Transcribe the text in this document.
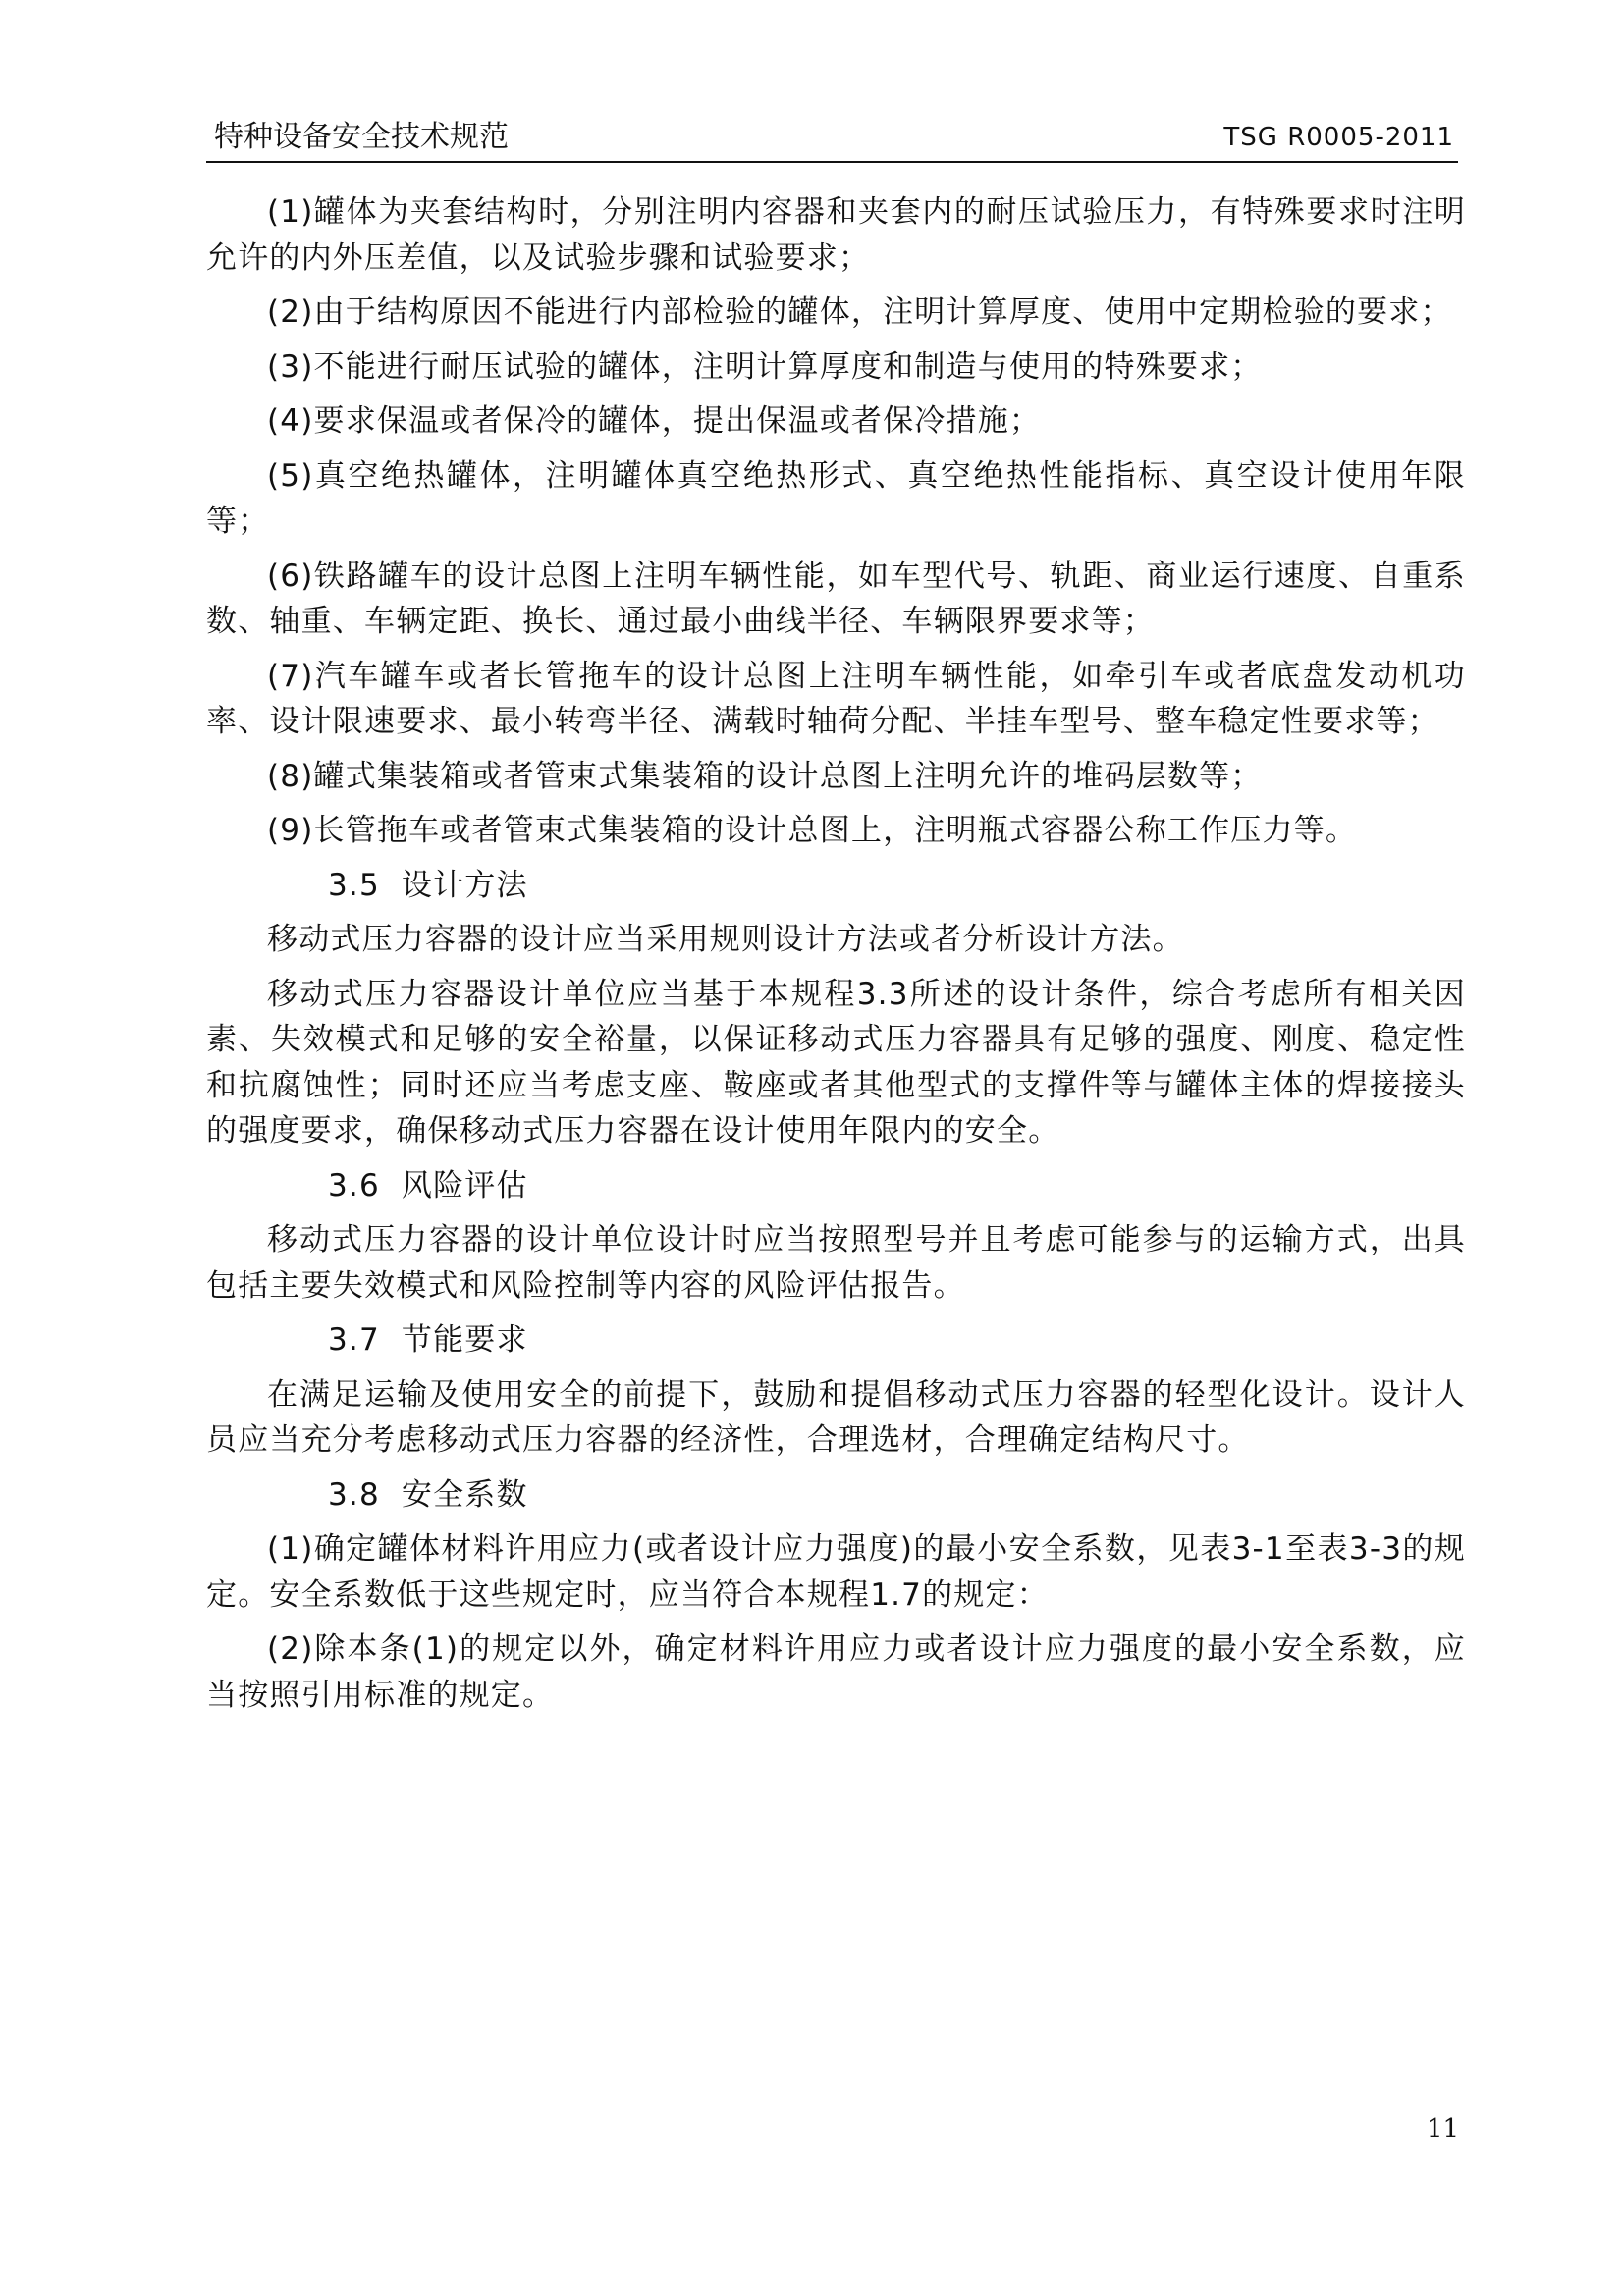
特种设备安全技术规范	TSG R0005-2011

(1)罐体为夹套结构时，分别注明内容器和夹套内的耐压试验压力，有特殊要求时注明允许的内外压差值，以及试验步骤和试验要求；

(2)由于结构原因不能进行内部检验的罐体，注明计算厚度、使用中定期检验的要求；

(3)不能进行耐压试验的罐体，注明计算厚度和制造与使用的特殊要求；

(4)要求保温或者保冷的罐体，提出保温或者保冷措施；

(5)真空绝热罐体，注明罐体真空绝热形式、真空绝热性能指标、真空设计使用年限等；

(6)铁路罐车的设计总图上注明车辆性能，如车型代号、轨距、商业运行速度、自重系数、轴重、车辆定距、换长、通过最小曲线半径、车辆限界要求等；

(7)汽车罐车或者长管拖车的设计总图上注明车辆性能，如牵引车或者底盘发动机功率、设计限速要求、最小转弯半径、满载时轴荷分配、半挂车型号、整车稳定性要求等；

(8)罐式集装箱或者管束式集装箱的设计总图上注明允许的堆码层数等；

(9)长管拖车或者管束式集装箱的设计总图上，注明瓶式容器公称工作压力等。

3.5 设计方法

移动式压力容器的设计应当采用规则设计方法或者分析设计方法。

移动式压力容器设计单位应当基于本规程3.3所述的设计条件，综合考虑所有相关因素、失效模式和足够的安全裕量，以保证移动式压力容器具有足够的强度、刚度、稳定性和抗腐蚀性；同时还应当考虑支座、鞍座或者其他型式的支撑件等与罐体主体的焊接接头的强度要求，确保移动式压力容器在设计使用年限内的安全。

3.6 风险评估

移动式压力容器的设计单位设计时应当按照型号并且考虑可能参与的运输方式，出具包括主要失效模式和风险控制等内容的风险评估报告。

3.7 节能要求

在满足运输及使用安全的前提下，鼓励和提倡移动式压力容器的轻型化设计。设计人员应当充分考虑移动式压力容器的经济性，合理选材，合理确定结构尺寸。

3.8 安全系数

(1)确定罐体材料许用应力(或者设计应力强度)的最小安全系数，见表3-1至表3-3的规定。安全系数低于这些规定时，应当符合本规程1.7的规定：

(2)除本条(1)的规定以外，确定材料许用应力或者设计应力强度的最小安全系数，应当按照引用标准的规定。

11
